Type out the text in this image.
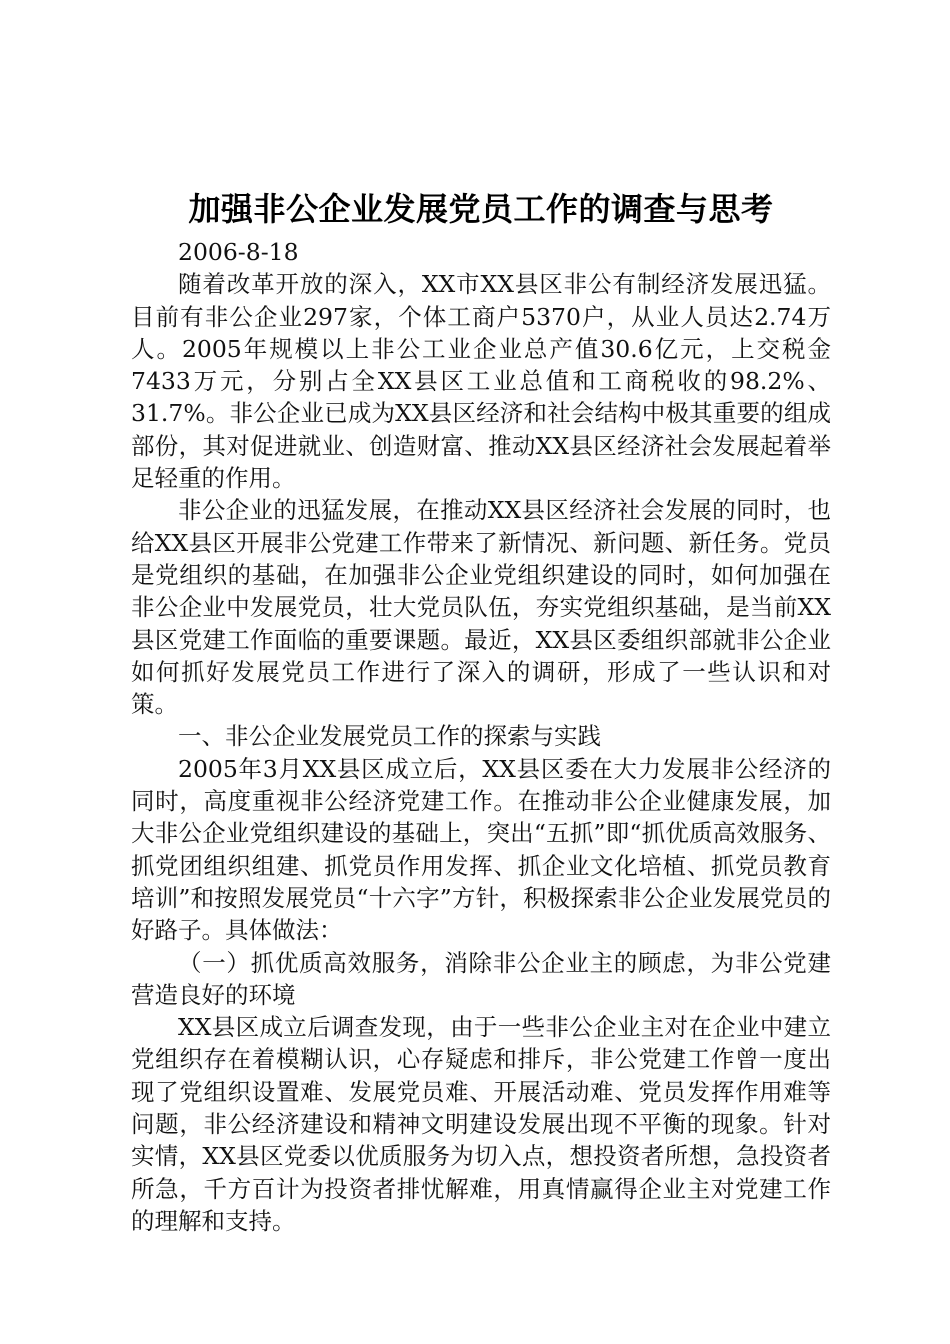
加强非公企业发展党员工作的调查与思考

2006-8-18

随着改革开放的深入，XX市XX县区非公有制经济发展迅猛。目前有非公企业297家，个体工商户5370户，从业人员达2.74万人。2005年规模以上非公工业企业总产值30.6亿元，上交税金7433万元，分别占全XX县区工业总值和工商税收的98.2%、31.7%。非公企业已成为XX县区经济和社会结构中极其重要的组成部份，其对促进就业、创造财富、推动XX县区经济社会发展起着举足轻重的作用。

非公企业的迅猛发展，在推动XX县区经济社会发展的同时，也给XX县区开展非公党建工作带来了新情况、新问题、新任务。党员是党组织的基础，在加强非公企业党组织建设的同时，如何加强在非公企业中发展党员，壮大党员队伍，夯实党组织基础，是当前XX县区党建工作面临的重要课题。最近，XX县区委组织部就非公企业如何抓好发展党员工作进行了深入的调研，形成了一些认识和对策。

一、非公企业发展党员工作的探索与实践

2005年3月XX县区成立后，XX县区委在大力发展非公经济的同时，高度重视非公经济党建工作。在推动非公企业健康发展，加大非公企业党组织建设的基础上，突出“五抓”即“抓优质高效服务、抓党团组织组建、抓党员作用发挥、抓企业文化培植、抓党员教育培训”和按照发展党员“十六字”方针，积极探索非公企业发展党员的好路子。具体做法：

（一）抓优质高效服务，消除非公企业主的顾虑，为非公党建营造良好的环境

XX县区成立后调查发现，由于一些非公企业主对在企业中建立党组织存在着模糊认识，心存疑虑和排斥，非公党建工作曾一度出现了党组织设置难、发展党员难、开展活动难、党员发挥作用难等问题，非公经济建设和精神文明建设发展出现不平衡的现象。针对实情，XX县区党委以优质服务为切入点，想投资者所想，急投资者所急，千方百计为投资者排忧解难，用真情赢得企业主对党建工作的理解和支持。
